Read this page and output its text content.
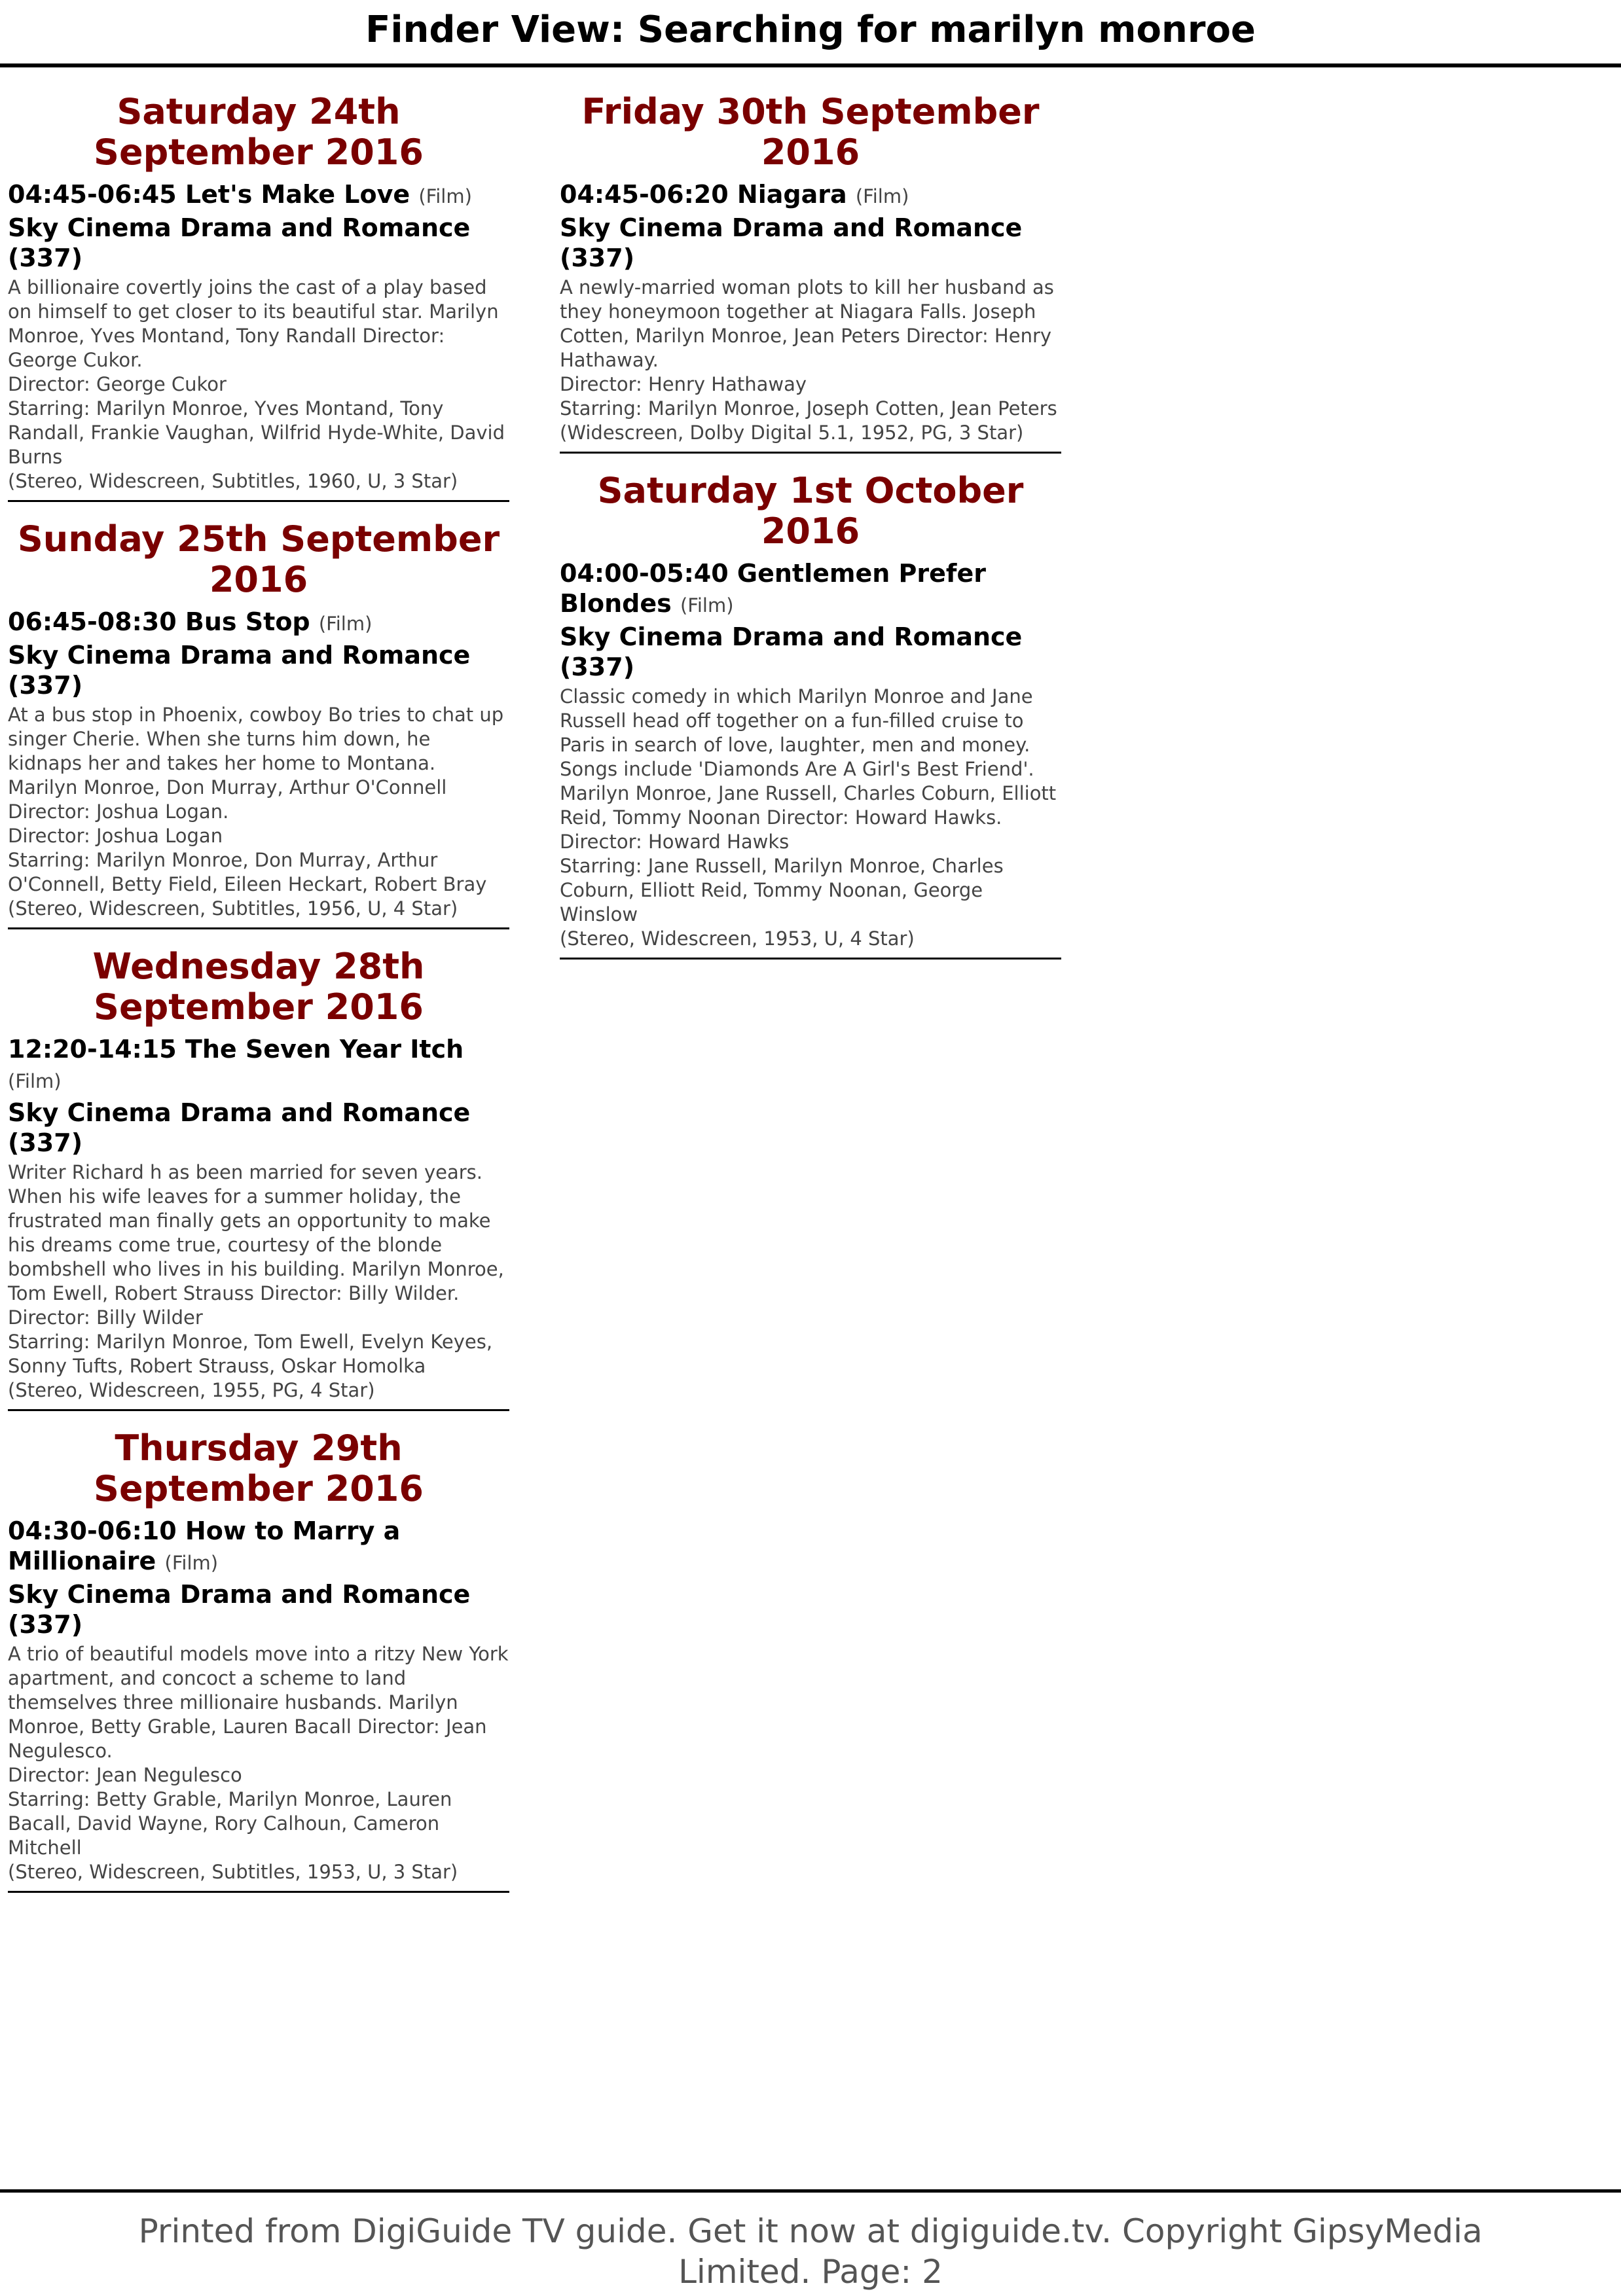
Finder View: Searching for marilyn monroe
Saturday 24th September 2016
04:45-06:45 Let's Make Love (Film)
Sky Cinema Drama and Romance (337)
A billionaire covertly joins the cast of a play based on himself to get closer to its beautiful star. Marilyn Monroe, Yves Montand, Tony Randall Director: George Cukor.
Director: George Cukor
Starring: Marilyn Monroe, Yves Montand, Tony Randall, Frankie Vaughan, Wilfrid Hyde-White, David Burns
(Stereo, Widescreen, Subtitles, 1960, U, 3 Star)
Sunday 25th September 2016
06:45-08:30 Bus Stop (Film)
Sky Cinema Drama and Romance (337)
At a bus stop in Phoenix, cowboy Bo tries to chat up singer Cherie. When she turns him down, he kidnaps her and takes her home to Montana. Marilyn Monroe, Don Murray, Arthur O'Connell Director: Joshua Logan.
Director: Joshua Logan
Starring: Marilyn Monroe, Don Murray, Arthur O'Connell, Betty Field, Eileen Heckart, Robert Bray
(Stereo, Widescreen, Subtitles, 1956, U, 4 Star)
Wednesday 28th September 2016
12:20-14:15 The Seven Year Itch (Film)
Sky Cinema Drama and Romance (337)
Writer Richard h as been married for seven years. When his wife leaves for a summer holiday, the frustrated man finally gets an opportunity to make his dreams come true, courtesy of the blonde bombshell who lives in his building. Marilyn Monroe, Tom Ewell, Robert Strauss Director: Billy Wilder.
Director: Billy Wilder
Starring: Marilyn Monroe, Tom Ewell, Evelyn Keyes, Sonny Tufts, Robert Strauss, Oskar Homolka
(Stereo, Widescreen, 1955, PG, 4 Star)
Thursday 29th September 2016
04:30-06:10 How to Marry a Millionaire (Film)
Sky Cinema Drama and Romance (337)
A trio of beautiful models move into a ritzy New York apartment, and concoct a scheme to land themselves three millionaire husbands. Marilyn Monroe, Betty Grable, Lauren Bacall Director: Jean Negulesco.
Director: Jean Negulesco
Starring: Betty Grable, Marilyn Monroe, Lauren Bacall, David Wayne, Rory Calhoun, Cameron Mitchell
(Stereo, Widescreen, Subtitles, 1953, U, 3 Star)
Friday 30th September 2016
04:45-06:20 Niagara (Film)
Sky Cinema Drama and Romance (337)
A newly-married woman plots to kill her husband as they honeymoon together at Niagara Falls. Joseph Cotten, Marilyn Monroe, Jean Peters Director: Henry Hathaway.
Director: Henry Hathaway
Starring: Marilyn Monroe, Joseph Cotten, Jean Peters
(Widescreen, Dolby Digital 5.1, 1952, PG, 3 Star)
Saturday 1st October 2016
04:00-05:40 Gentlemen Prefer Blondes (Film)
Sky Cinema Drama and Romance (337)
Classic comedy in which Marilyn Monroe and Jane Russell head off together on a fun-filled cruise to Paris in search of love, laughter, men and money. Songs include 'Diamonds Are A Girl's Best Friend'. Marilyn Monroe, Jane Russell, Charles Coburn, Elliott Reid, Tommy Noonan Director: Howard Hawks.
Director: Howard Hawks
Starring: Jane Russell, Marilyn Monroe, Charles Coburn, Elliott Reid, Tommy Noonan, George Winslow
(Stereo, Widescreen, 1953, U, 4 Star)
Printed from DigiGuide TV guide. Get it now at digiguide.tv. Copyright GipsyMedia Limited. Page: 2
